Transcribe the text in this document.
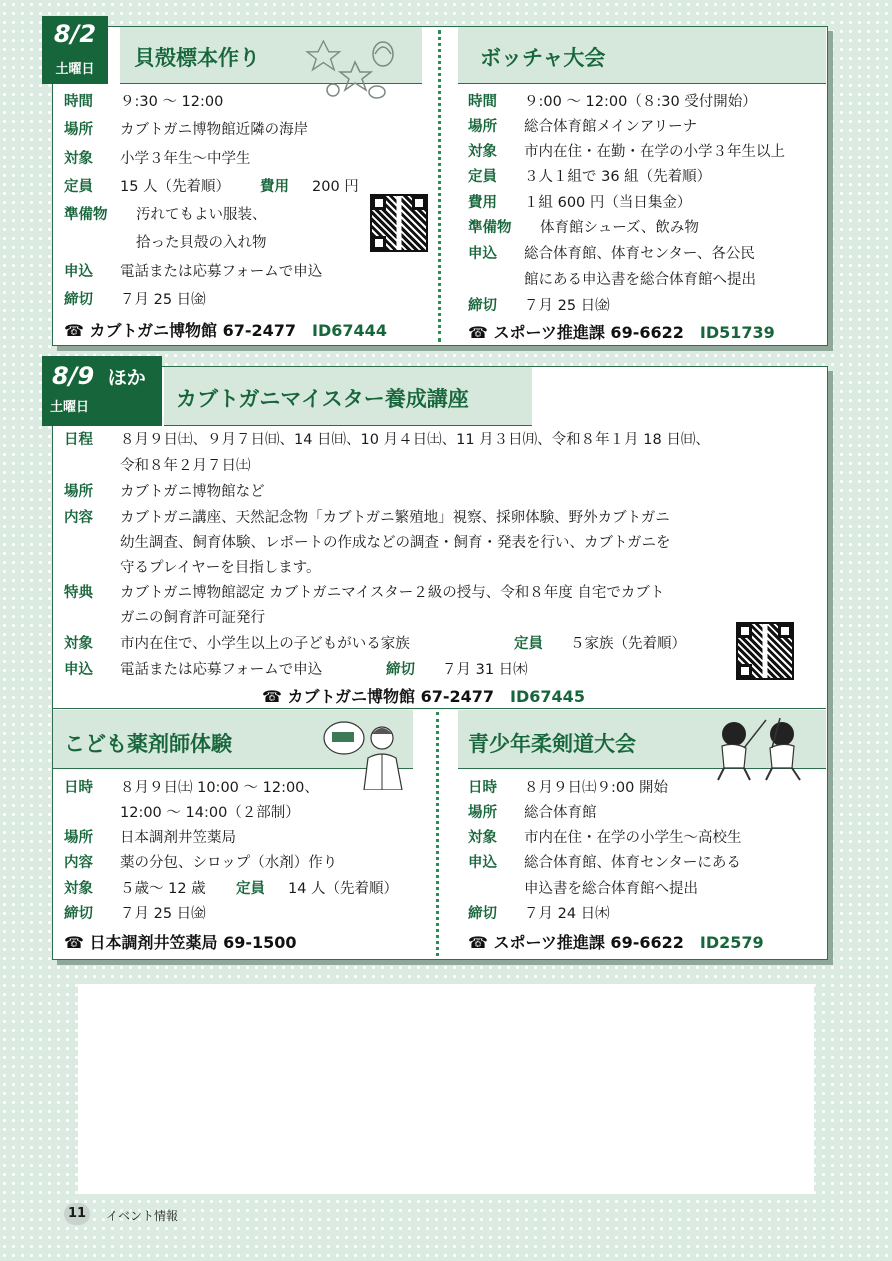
8/2
土曜日	貝殻標本作り
時間 ９:30 ～ 12:00
場所 カブトガニ博物館近隣の海岸
対象 小学３年生～中学生
定員 15 人（先着順） 費用 200 円
準備物 汚れてもよい服装、
拾った貝殻の入れ物
申込 電話または応募フォームで申込
締切 ７月 25 日㈮
☎ カブトガニ博物館 67-2477　 ID67444
ボッチャ大会
時間 ９:00 ～ 12:00（８:30 受付開始）
場所 総合体育館メインアリーナ
対象 市内在住・在勤・在学の小学３年生以上
定員 ３人１組で 36 組（先着順）
費用 １組 600 円（当日集金）
準備物 体育館シューズ、飲み物
申込 総合体育館、体育センター、各公民
館にある申込書を総合体育館へ提出
締切 ７月 25 日㈮
☎ スポーツ推進課 69-6622　 ID51739
8/9 ほか
土曜日	カブトガニマイスター養成講座
日程 ８月９日㈯、９月７日㈰、14 日㈰、10 月４日㈯、11 月３日㈪、令和８年１月 18 日㈰、
令和８年２月７日㈯
場所 カブトガニ博物館など
内容 カブトガニ講座、天然記念物「カブトガニ繁殖地」視察、採卵体験、野外カブトガニ
幼生調査、飼育体験、レポートの作成などの調査・飼育・発表を行い、カブトガニを
守るプレイヤーを目指します。
特典 カブトガニ博物館認定 カブトガニマイスター２級の授与、令和８年度 自宅でカブト
ガニの飼育許可証発行
対象 市内在住で、小学生以上の子どもがいる家族	定員 ５家族（先着順）
申込 電話または応募フォームで申込	締切 ７月 31 日㈭
☎ カブトガニ博物館 67-2477　 ID67445
こども薬剤師体験
日時 ８月９日㈯ 10:00 ～ 12:00、
12:00 ～ 14:00（２部制）
場所 日本調剤井笠薬局
内容 薬の分包、シロップ（水剤）作り
対象 ５歳～ 12 歳 定員 14 人（先着順）
締切 ７月 25 日㈮
☎ 日本調剤井笠薬局 69-1500
青少年柔剣道大会
日時 ８月９日㈯９:00 開始
場所 総合体育館
対象 市内在住・在学の小学生～高校生
申込 総合体育館、体育センターにある
申込書を総合体育館へ提出
締切 ７月 24 日㈭
☎ スポーツ推進課 69-6622　 ID2579
11	イベント情報
